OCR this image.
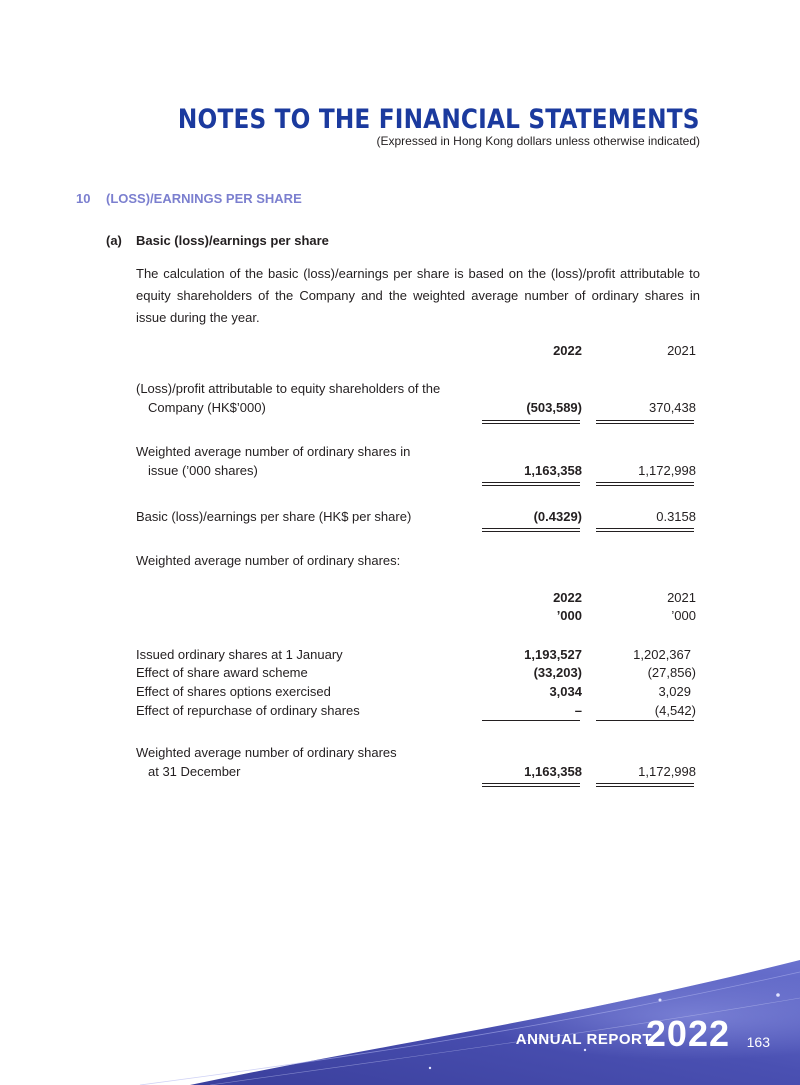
NOTES TO THE FINANCIAL STATEMENTS
(Expressed in Hong Kong dollars unless otherwise indicated)
10 (LOSS)/EARNINGS PER SHARE
(a) Basic (loss)/earnings per share
The calculation of the basic (loss)/earnings per share is based on the (loss)/profit attributable to equity shareholders of the Company and the weighted average number of ordinary shares in issue during the year.
2022	2021
(Loss)/profit attributable to equity shareholders of the
Company (HK$’000)	(503,589)	370,438
Weighted average number of ordinary shares in
issue (’000 shares)	1,163,358	1,172,998
Basic (loss)/earnings per share (HK$ per share)	(0.4329)	0.3158
Weighted average number of ordinary shares:
2022	2021
’000	’000
Issued ordinary shares at 1 January	1,193,527	1,202,367
Effect of share award scheme	(33,203)	(27,856)
Effect of shares options exercised	3,034	3,029
Effect of repurchase of ordinary shares	–	(4,542)
Weighted average number of ordinary shares
at 31 December	1,163,358	1,172,998
ANNUAL REPORT
2022 163
